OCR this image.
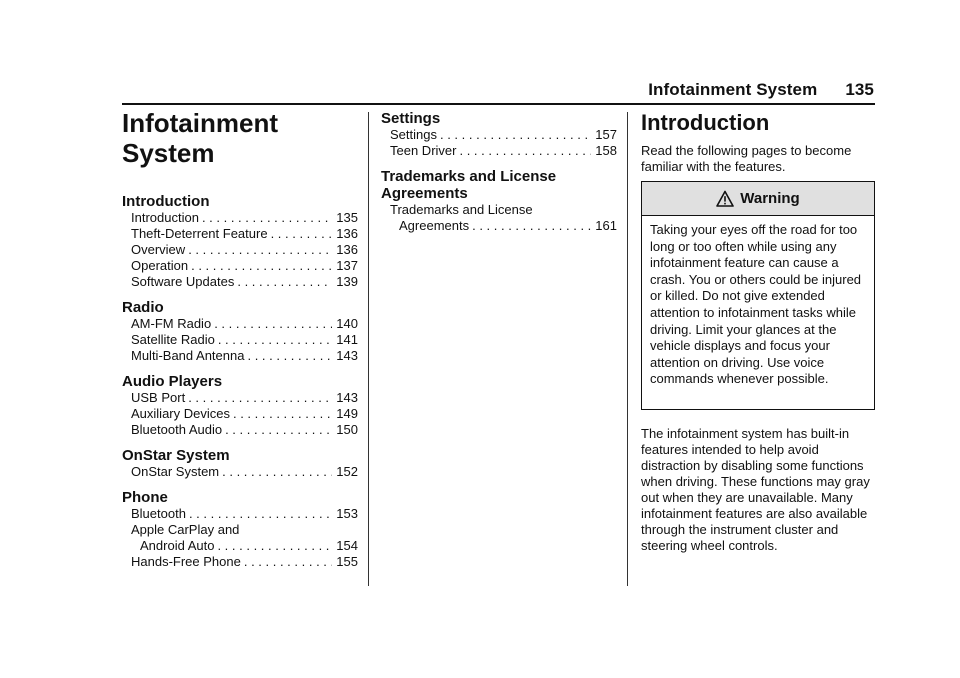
Infotainment System 135
Infotainment System
Introduction
Introduction . . .	135
Theft-Deterrent Feature . . .	136
Overview . . .	136
Operation . . .	137
Software Updates . . .	139
Radio
AM-FM Radio . . .	140
Satellite Radio . . .	141
Multi-Band Antenna . . .	143
Audio Players
USB Port . . .	143
Auxiliary Devices . . .	149
Bluetooth Audio . . .	150
OnStar System
OnStar System . . .	152
Phone
Bluetooth . . .	153
Apple CarPlay and
Android Auto . . .	154
Hands-Free Phone . . .	155
Settings
Settings . . .	157
Teen Driver . . .	158
Trademarks and License Agreements
Trademarks and License
Agreements . . .	161
Introduction

Read the following pages to become familiar with the features.

Warning

Taking your eyes off the road for too long or too often while using any infotainment feature can cause a crash. You or others could be injured or killed. Do not give extended attention to infotainment tasks while driving. Limit your glances at the vehicle displays and focus your attention on driving. Use voice commands whenever possible.

The infotainment system has built-in features intended to help avoid distraction by disabling some functions when driving. These functions may gray out when they are unavailable. Many infotainment features are also available through the instrument cluster and steering wheel controls.
